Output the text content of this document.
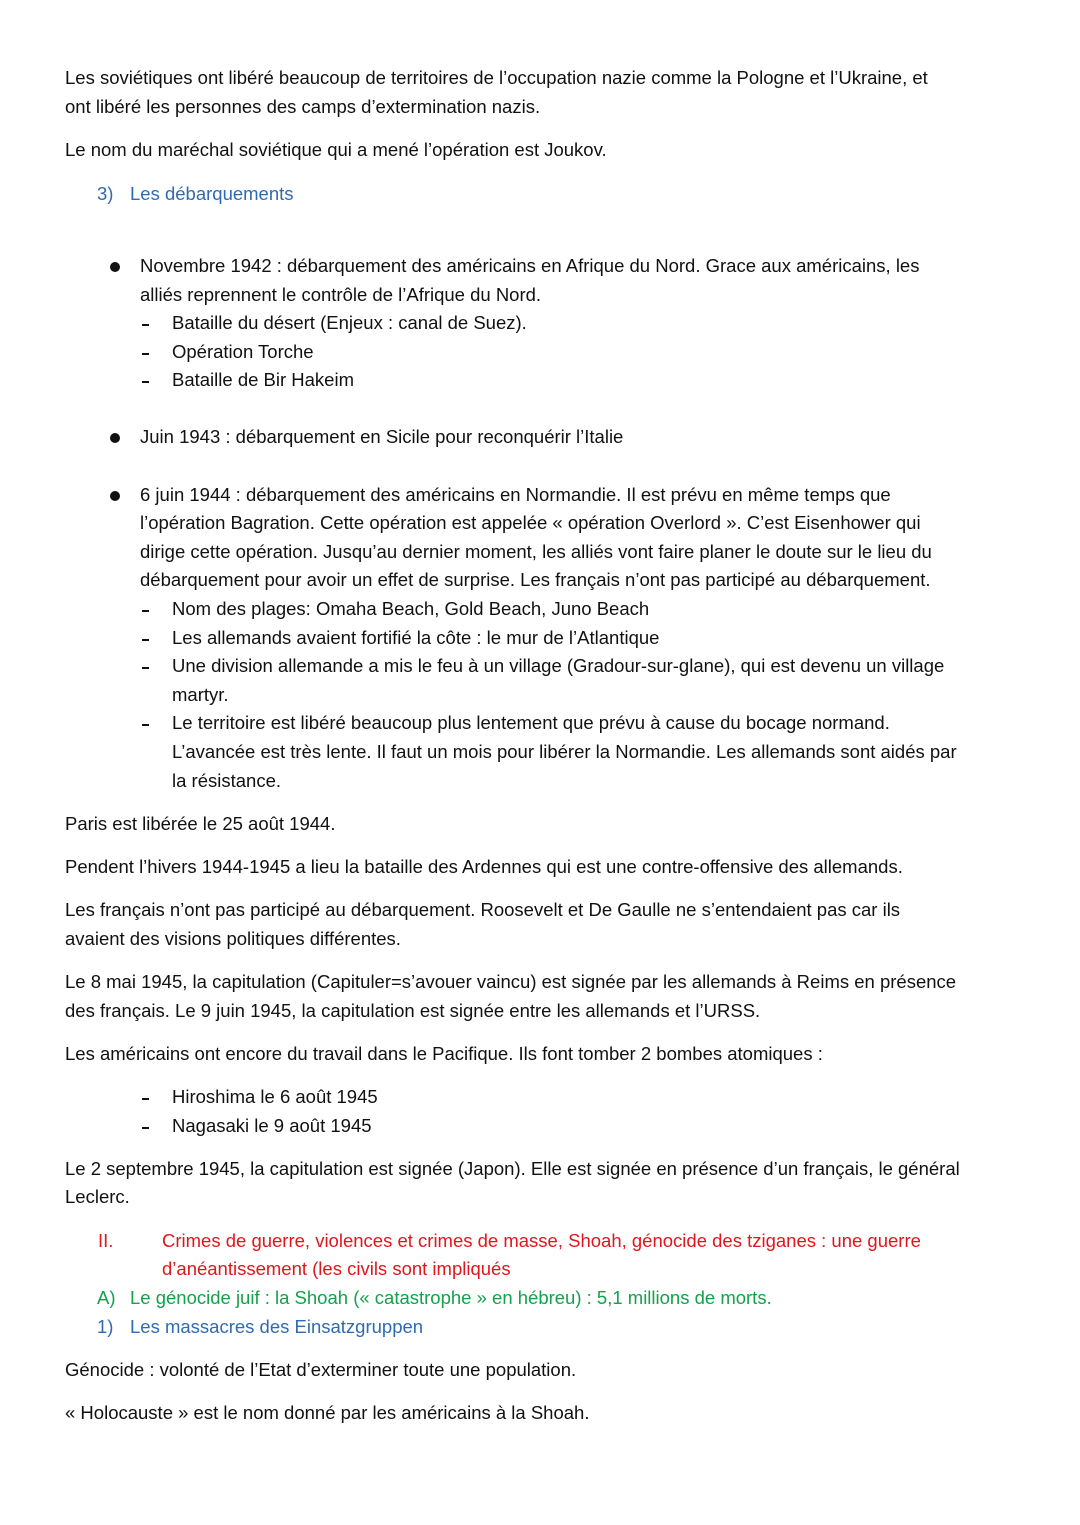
Les soviétiques ont libéré beaucoup de territoires de l’occupation nazie comme la Pologne et l’Ukraine, et
ont libéré les personnes des camps d’extermination nazis.
Le nom du maréchal soviétique qui a mené l’opération est Joukov.
3) Les débarquements
Novembre 1942 : débarquement des américains en Afrique du Nord. Grace aux américains, les
alliés reprennent le contrôle de l’Afrique du Nord.
Bataille du désert (Enjeux : canal de Suez).
Opération Torche
Bataille de Bir Hakeim
Juin 1943 : débarquement en Sicile pour reconquérir l’Italie
6 juin 1944 : débarquement des américains en Normandie. Il est prévu en même temps que
l’opération Bagration. Cette opération est appelée « opération Overlord ». C’est Eisenhower qui
dirige cette opération. Jusqu’au dernier moment, les alliés vont faire planer le doute sur le lieu du
débarquement pour avoir un effet de surprise. Les français n’ont pas participé au débarquement.
Nom des plages: Omaha Beach, Gold Beach, Juno Beach
Les allemands avaient fortifié la côte : le mur de l’Atlantique
Une division allemande a mis le feu à un village (Gradour-sur-glane), qui est devenu un village
martyr.
Le territoire est libéré beaucoup plus lentement que prévu à cause du bocage normand.
L’avancée est très lente. Il faut un mois pour libérer la Normandie. Les allemands sont aidés par
la résistance.
Paris est libérée le 25 août 1944.
Pendent l’hivers 1944-1945 a lieu la bataille des Ardennes qui est une contre-offensive des allemands.
Les français n’ont pas participé au débarquement. Roosevelt et De Gaulle ne s’entendaient pas car ils
avaient des visions politiques différentes.
Le 8 mai 1945, la capitulation (Capituler=s’avouer vaincu) est signée par les allemands à Reims en présence
des français. Le 9 juin 1945, la capitulation est signée entre les allemands et l’URSS.
Les américains ont encore du travail dans le Pacifique. Ils font tomber 2 bombes atomiques :
Hiroshima le 6 août 1945
Nagasaki le 9 août 1945
Le 2 septembre 1945, la capitulation est signée (Japon). Elle est signée en présence d’un français, le général
Leclerc.
II.	Crimes de guerre, violences et crimes de masse, Shoah, génocide des tziganes : une guerre
d’anéantissement (les civils sont impliqués
A) Le génocide juif : la Shoah (« catastrophe » en hébreu) : 5,1 millions de morts.
1) Les massacres des Einsatzgruppen
Génocide : volonté de l’Etat d’exterminer toute une population.
« Holocauste » est le nom donné par les américains à la Shoah.
